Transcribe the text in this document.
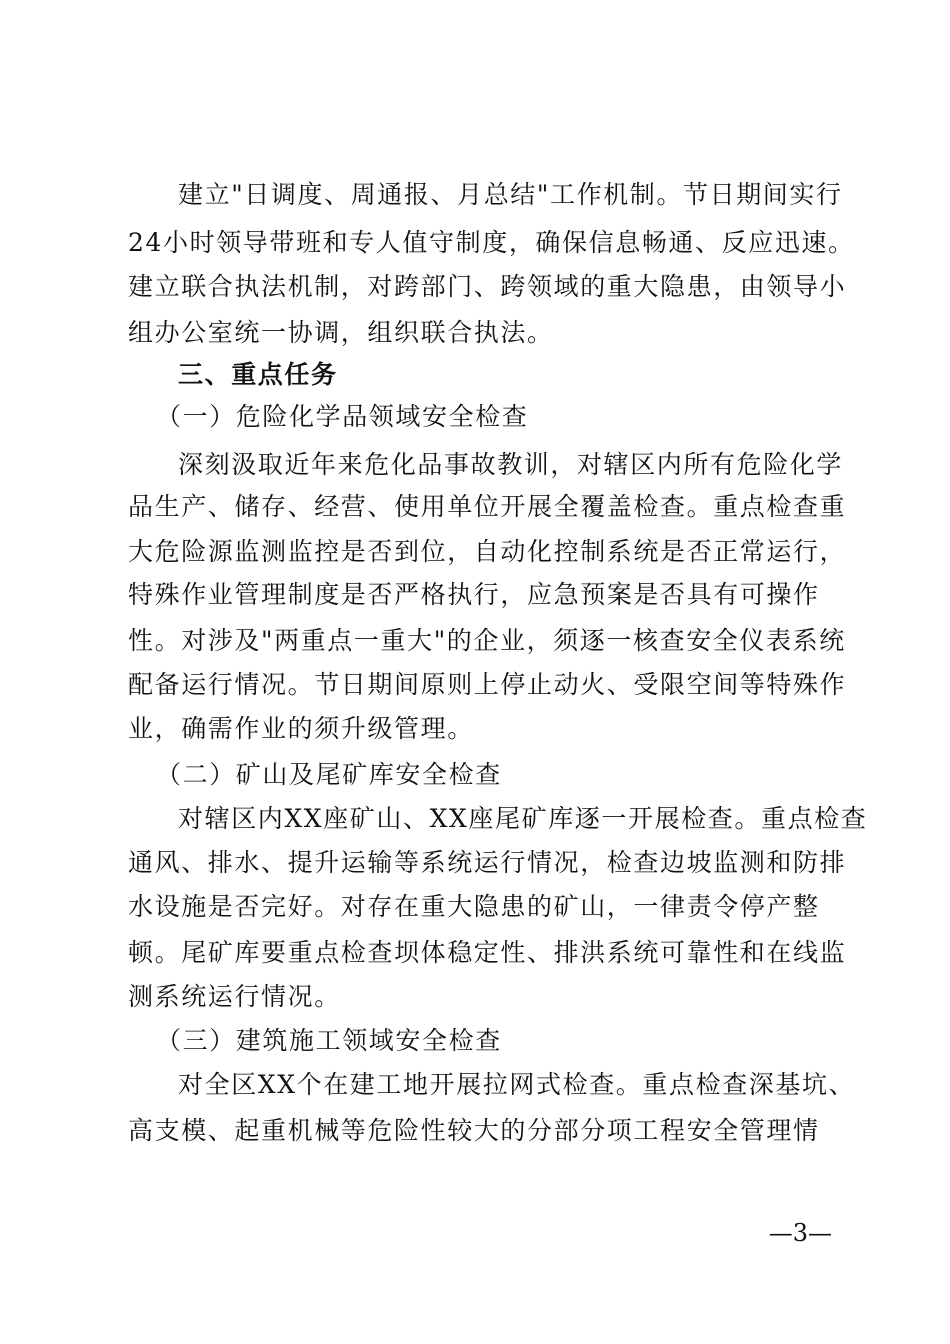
建立"日调度、周通报、月总结"工作机制。节日期间实行
24小时领导带班和专人值守制度，确保信息畅通、反应迅速。
建立联合执法机制，对跨部门、跨领域的重大隐患，由领导小
组办公室统一协调，组织联合执法。
三、重点任务
（一）危险化学品领域安全检查
深刻汲取近年来危化品事故教训，对辖区内所有危险化学
品生产、储存、经营、使用单位开展全覆盖检查。重点检查重
大危险源监测监控是否到位，自动化控制系统是否正常运行，
特殊作业管理制度是否严格执行，应急预案是否具有可操作
性。对涉及"两重点一重大"的企业，须逐一核查安全仪表系统
配备运行情况。节日期间原则上停止动火、受限空间等特殊作
业，确需作业的须升级管理。
（二）矿山及尾矿库安全检查
对辖区内XX座矿山、XX座尾矿库逐一开展检查。重点检查
通风、排水、提升运输等系统运行情况，检查边坡监测和防排
水设施是否完好。对存在重大隐患的矿山，一律责令停产整
顿。尾矿库要重点检查坝体稳定性、排洪系统可靠性和在线监
测系统运行情况。
（三）建筑施工领域安全检查
对全区XX个在建工地开展拉网式检查。重点检查深基坑、
高支模、起重机械等危险性较大的分部分项工程安全管理情
—3—
